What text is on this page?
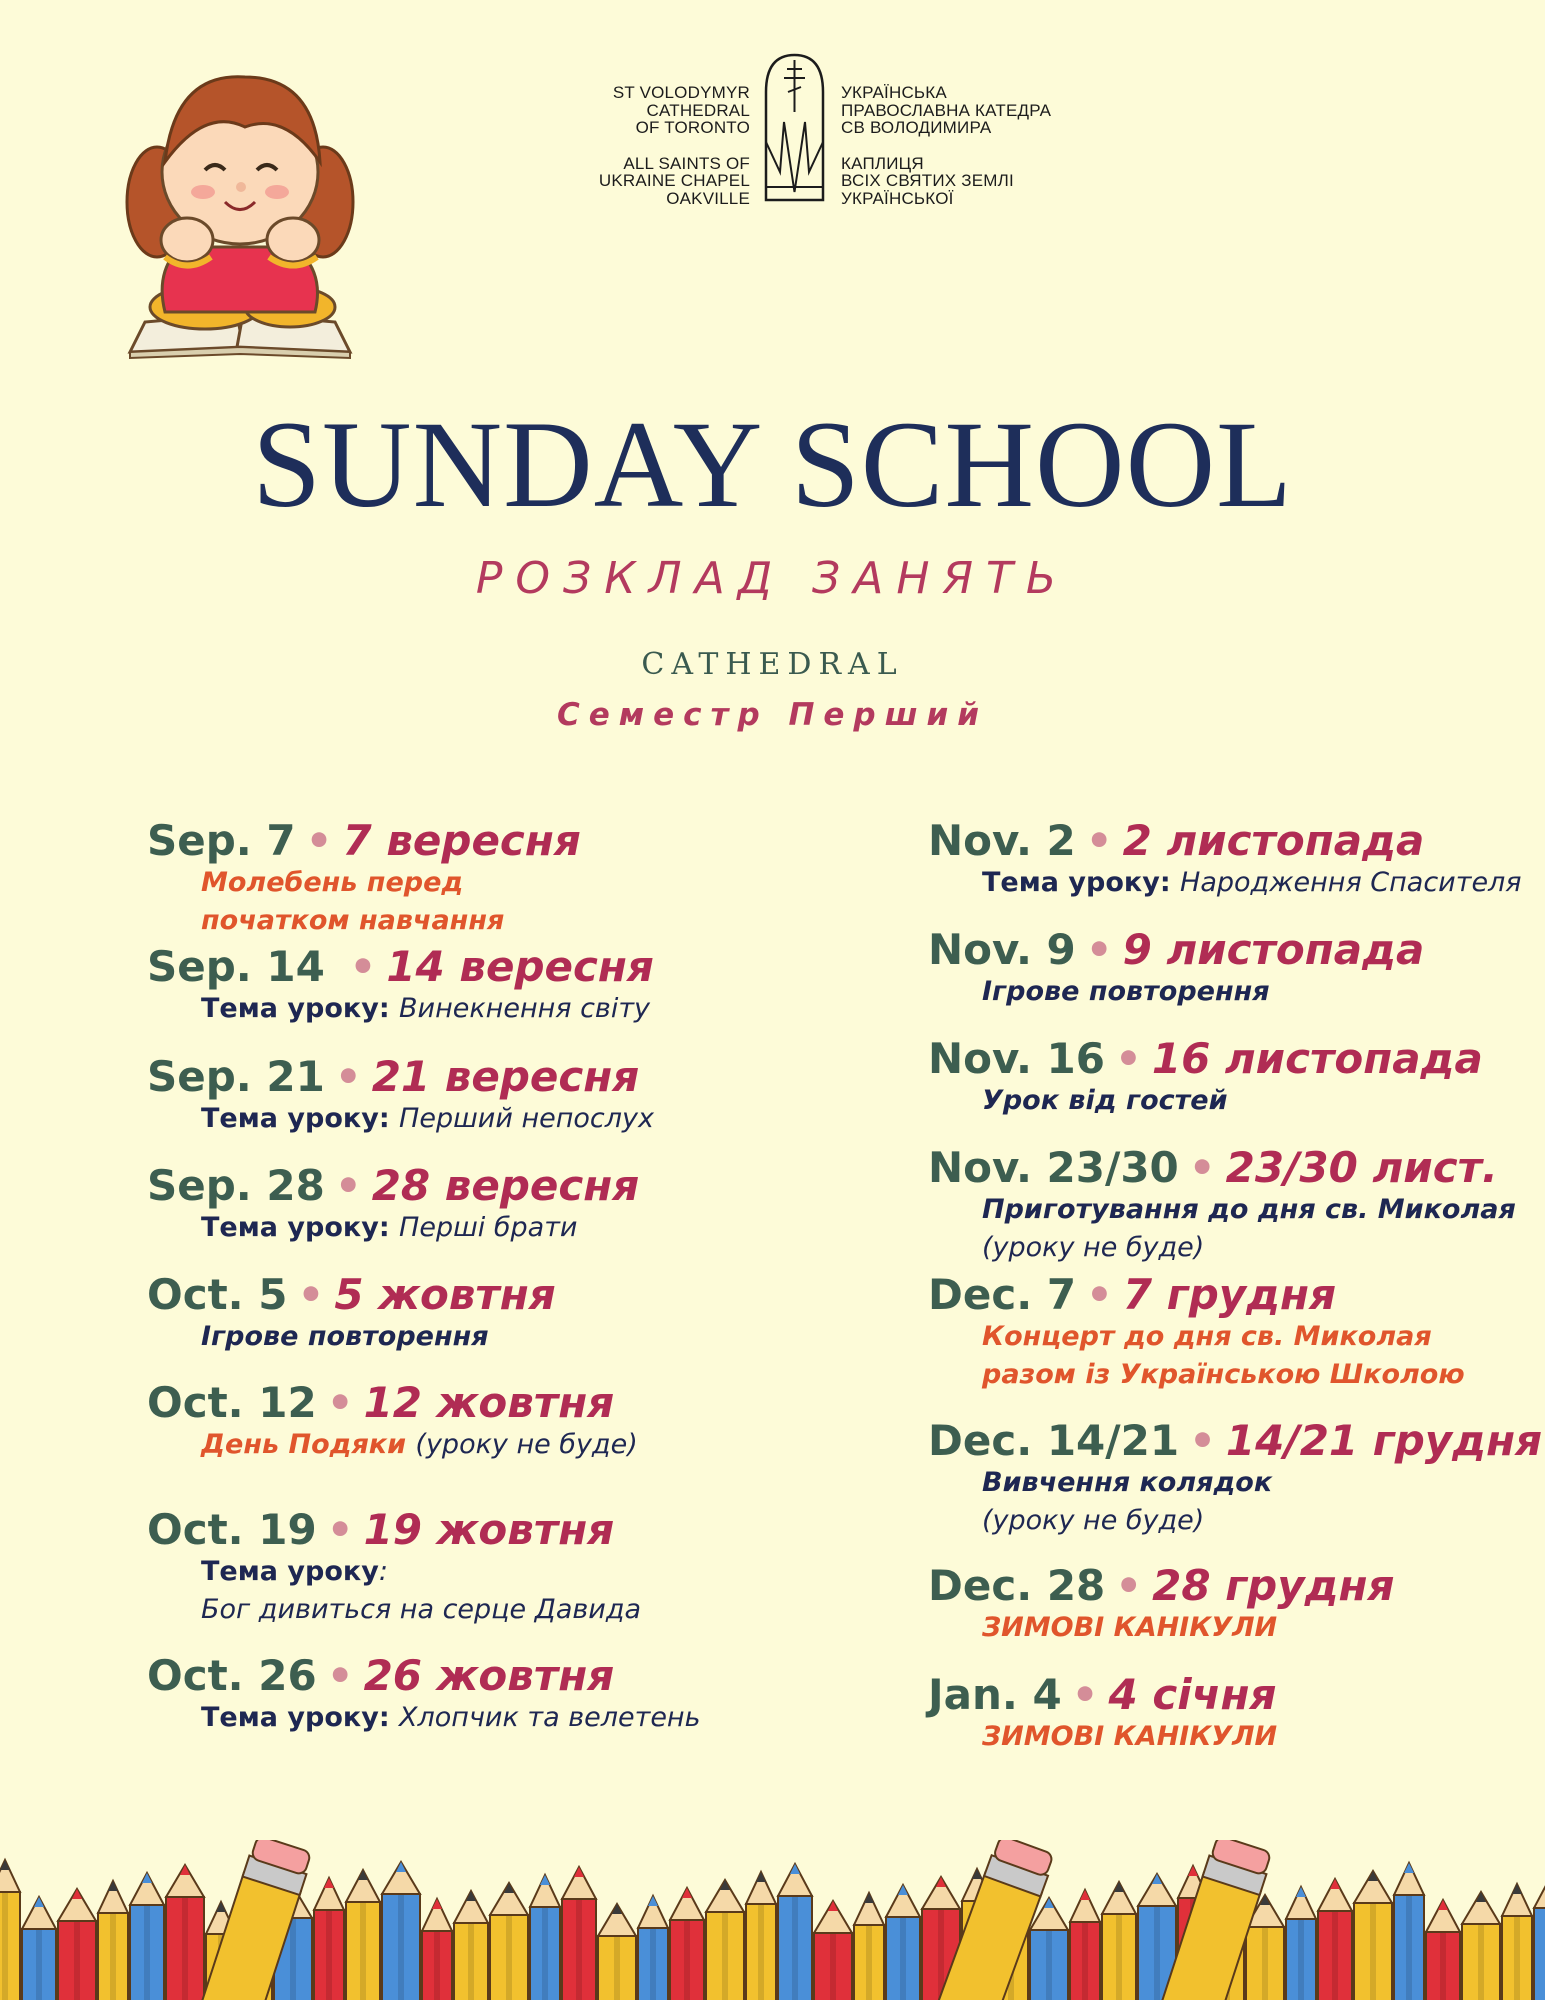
ST VOLODYMYR
CATHEDRAL
OF TORONTO
ALL SAINTS OF
UKRAINE CHAPEL
OAKVILLE
УКРАЇНСЬКА
ПРАВОСЛАВНА КАТЕДРА
СВ ВОЛОДИМИРА
КАПЛИЦЯ
ВСІХ СВЯТИХ ЗЕМЛІ
УКРАЇНСЬКОЇ
SUNDAY SCHOOL
РОЗКЛАД ЗАНЯТЬ
CATHEDRAL
Семестр Перший
Sep. 7 • 7 вересня
Молебень перед
початком навчання
Sep. 14 • 14 вересня
Тема уроку: Винекнення світу
Sep. 21 • 21 вересня
Тема уроку: Перший непослух
Sep. 28 • 28 вересня
Тема уроку: Перші брати
Oct. 5 • 5 жовтня
Ігрове повторення
Oct. 12 • 12 жовтня
День Подяки (уроку не буде)
Oct. 19 • 19 жовтня
Тема уроку:
Бог дивиться на серце Давида
Oct. 26 • 26 жовтня
Тема уроку: Хлопчик та велетень
Nov. 2 • 2 листопада
Тема уроку: Народження Спасителя
Nov. 9 • 9 листопада
Ігрове повторення
Nov. 16 • 16 листопада
Урок від гостей
Nov. 23/30 • 23/30 лист.
Приготування до дня св. Миколая
(уроку не буде)
Dec. 7 • 7 грудня
Концерт до дня св. Миколая
разом із Українською Школою
Dec. 14/21 • 14/21 грудня
Вивчення колядок
(уроку не буде)
Dec. 28 • 28 грудня
ЗИМОВІ КАНІКУЛИ
Jan. 4 • 4 січня
ЗИМОВІ КАНІКУЛИ
